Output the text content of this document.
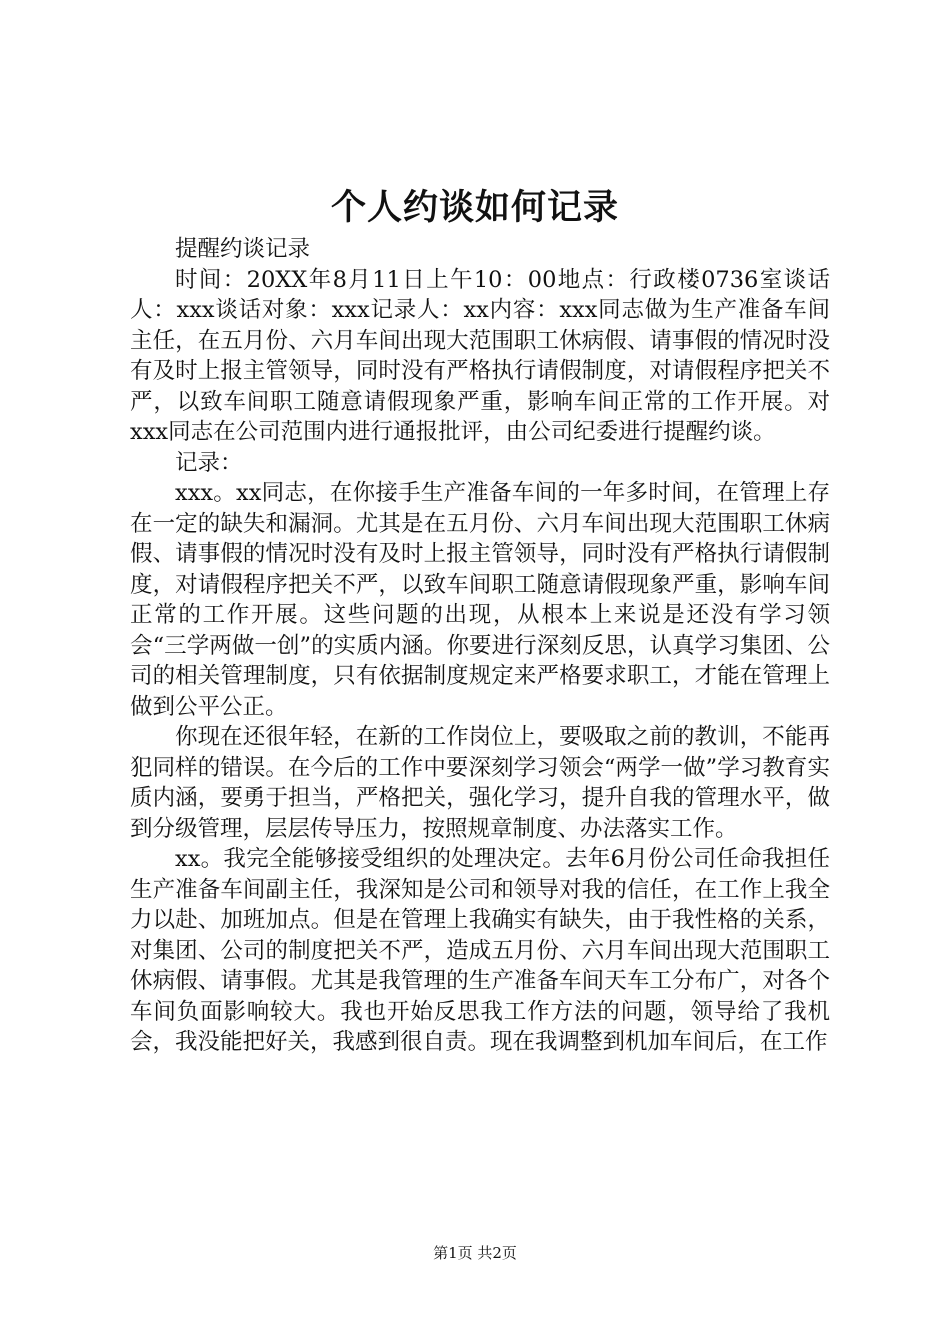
个人约谈如何记录

提醒约谈记录

时间：20XX年8月11日上午10：00地点：行政楼0736室谈话人：xxx谈话对象：xxx记录人：xx内容：xxx同志做为生产准备车间主任，在五月份、六月车间出现大范围职工休病假、请事假的情况时没有及时上报主管领导，同时没有严格执行请假制度，对请假程序把关不严，以致车间职工随意请假现象严重，影响车间正常的工作开展。对xxx同志在公司范围内进行通报批评，由公司纪委进行提醒约谈。

记录：

xxx。xx同志，在你接手生产准备车间的一年多时间，在管理上存在一定的缺失和漏洞。尤其是在五月份、六月车间出现大范围职工休病假、请事假的情况时没有及时上报主管领导，同时没有严格执行请假制度，对请假程序把关不严，以致车间职工随意请假现象严重，影响车间正常的工作开展。这些问题的出现，从根本上来说是还没有学习领会“三学两做一创”的实质内涵。你要进行深刻反思，认真学习集团、公司的相关管理制度，只有依据制度规定来严格要求职工，才能在管理上做到公平公正。

你现在还很年轻，在新的工作岗位上，要吸取之前的教训，不能再犯同样的错误。在今后的工作中要深刻学习领会“两学一做”学习教育实质内涵，要勇于担当，严格把关，强化学习，提升自我的管理水平，做到分级管理，层层传导压力，按照规章制度、办法落实工作。

xx。我完全能够接受组织的处理决定。去年6月份公司任命我担任生产准备车间副主任，我深知是公司和领导对我的信任，在工作上我全力以赴、加班加点。但是在管理上我确实有缺失，由于我性格的关系，对集团、公司的制度把关不严，造成五月份、六月车间出现大范围职工休病假、请事假。尤其是我管理的生产准备车间天车工分布广，对各个车间负面影响较大。我也开始反思我工作方法的问题，领导给了我机会，我没能把好关，我感到很自责。现在我调整到机加车间后，在工作

第1页 共2页
